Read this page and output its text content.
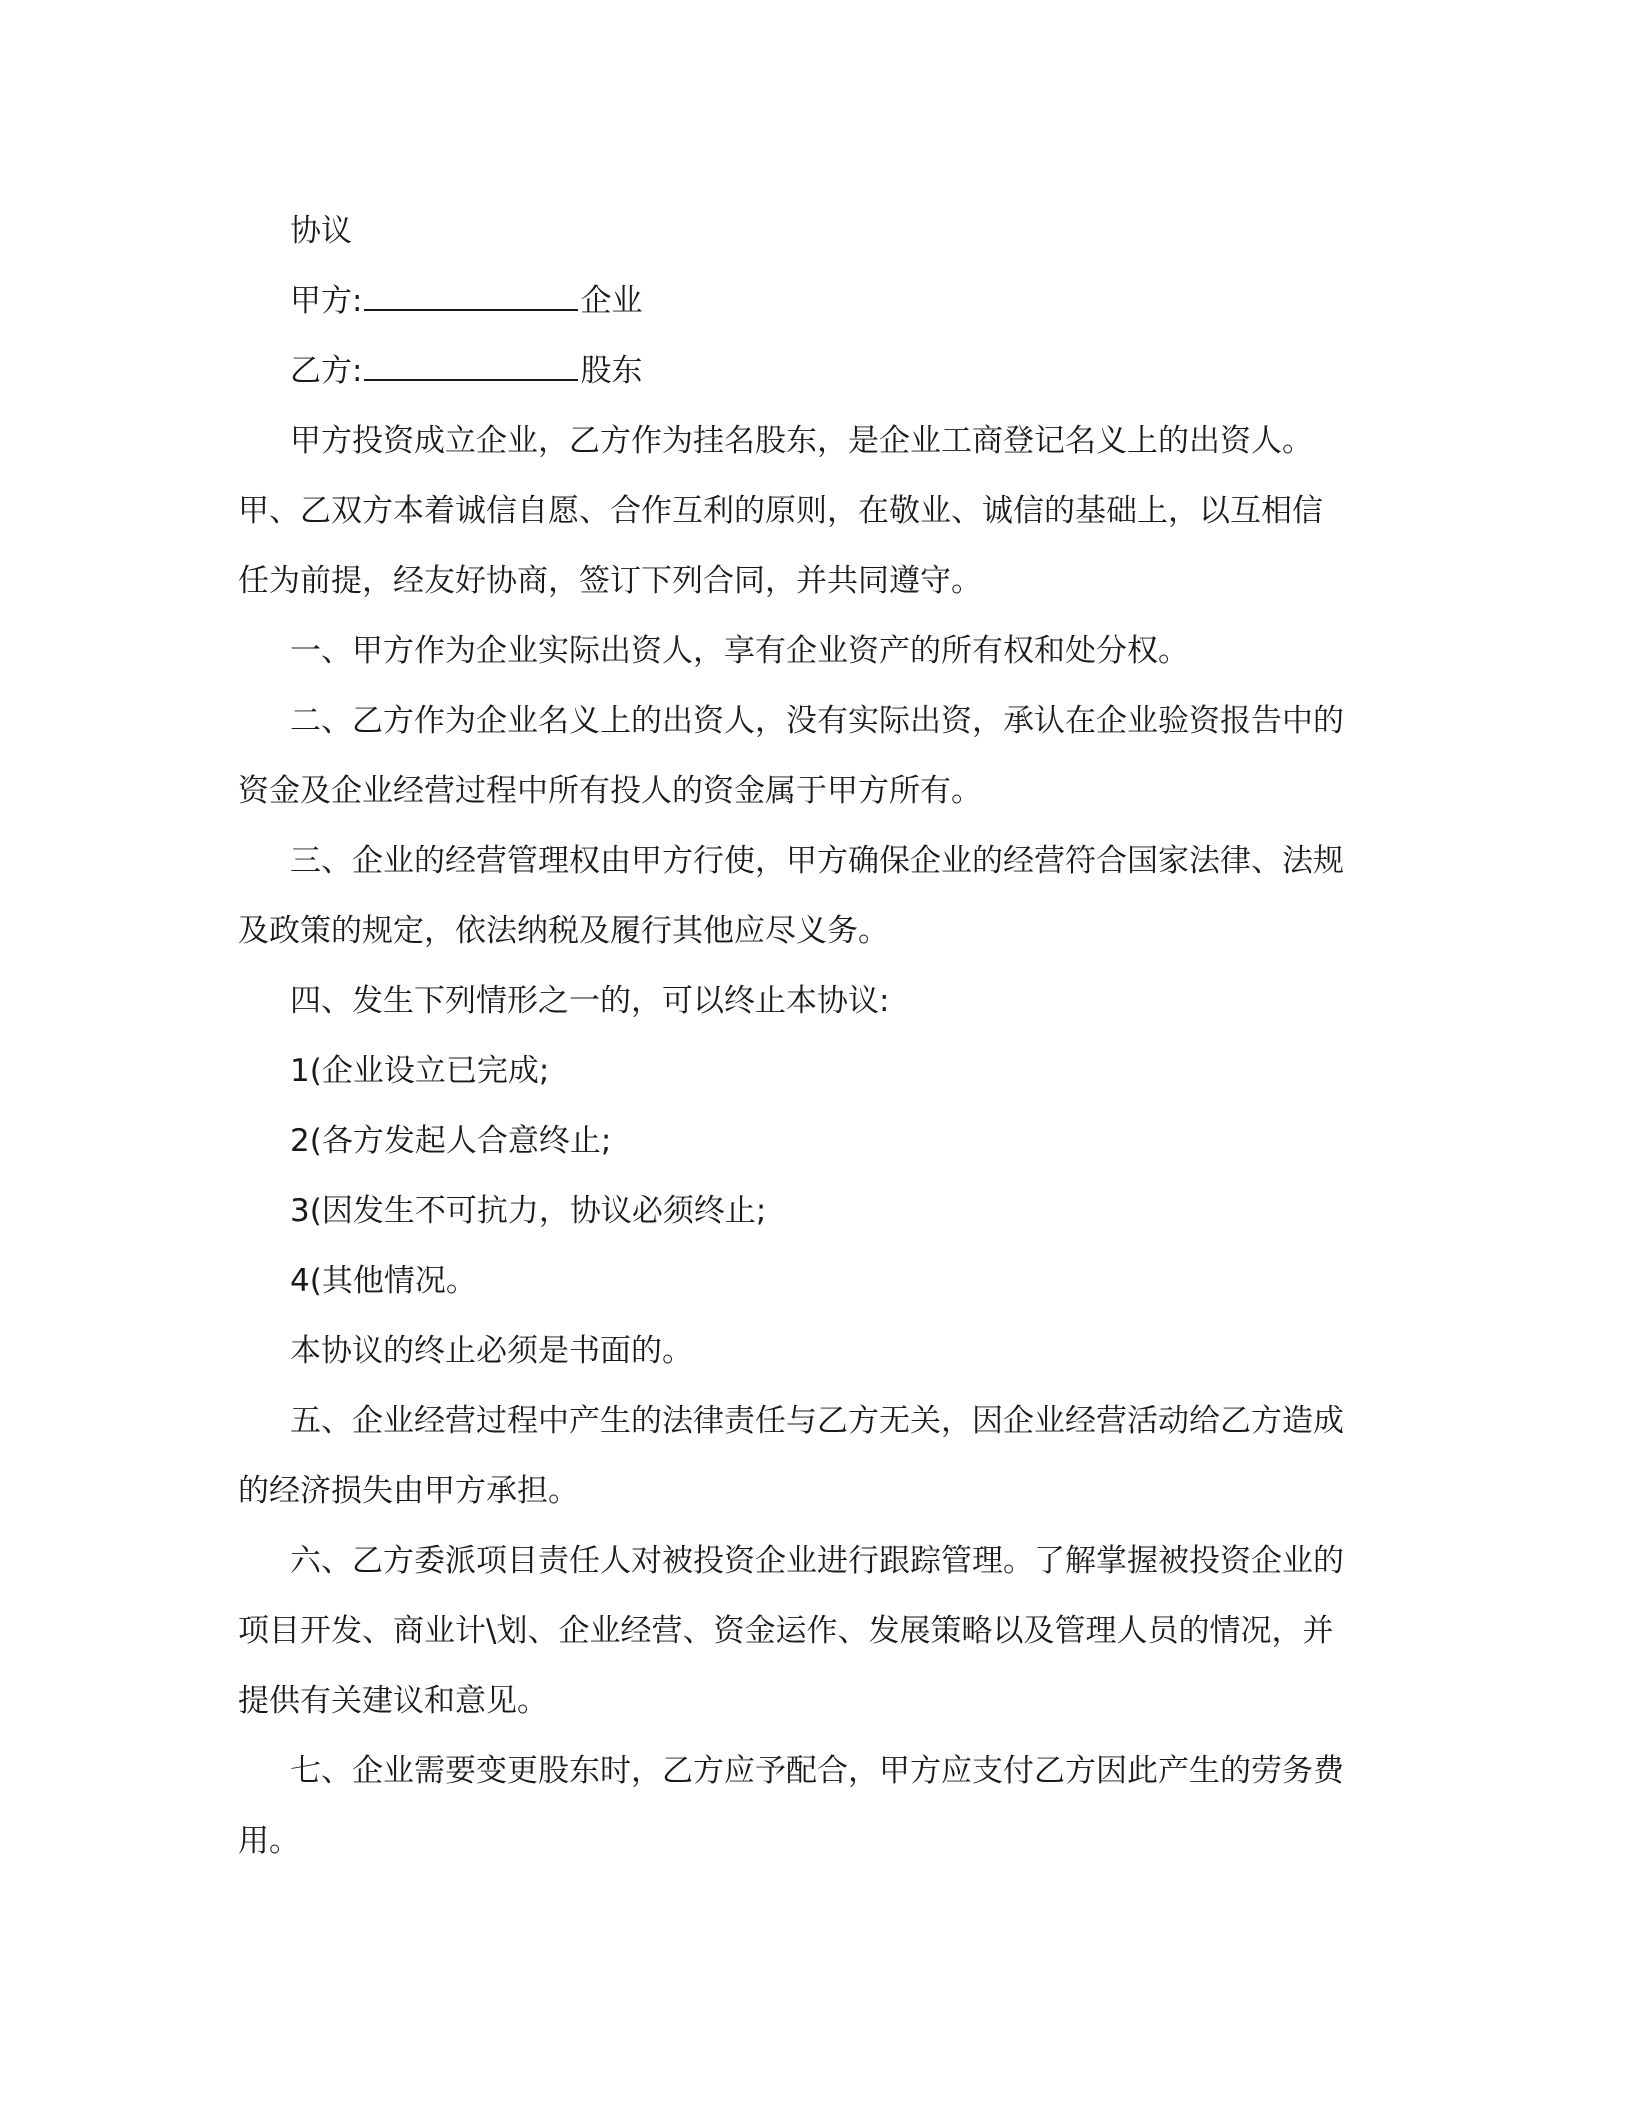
协议
甲方:	企业
乙方:	股东
甲方投资成立企业，乙方作为挂名股东，是企业工商登记名义上的出资人。
甲、乙双方本着诚信自愿、合作互利的原则，在敬业、诚信的基础上，以互相信
任为前提，经友好协商，签订下列合同，并共同遵守。
一、甲方作为企业实际出资人，享有企业资产的所有权和处分权。
二、乙方作为企业名义上的出资人，没有实际出资，承认在企业验资报告中的
资金及企业经营过程中所有投人的资金属于甲方所有。
三、企业的经营管理权由甲方行使，甲方确保企业的经营符合国家法律、法规
及政策的规定，依法纳税及履行其他应尽义务。
四、发生下列情形之一的，可以终止本协议:
1(企业设立已完成;
2(各方发起人合意终止;
3(因发生不可抗力，协议必须终止;
4(其他情况。
本协议的终止必须是书面的。
五、企业经营过程中产生的法律责任与乙方无关，因企业经营活动给乙方造成
的经济损失由甲方承担。
六、乙方委派项目责任人对被投资企业进行跟踪管理。了解掌握被投资企业的
项目开发、商业计\划、企业经营、资金运作、发展策略以及管理人员的情况，并
提供有关建议和意见。
七、企业需要变更股东时，乙方应予配合，甲方应支付乙方因此产生的劳务费
用。
